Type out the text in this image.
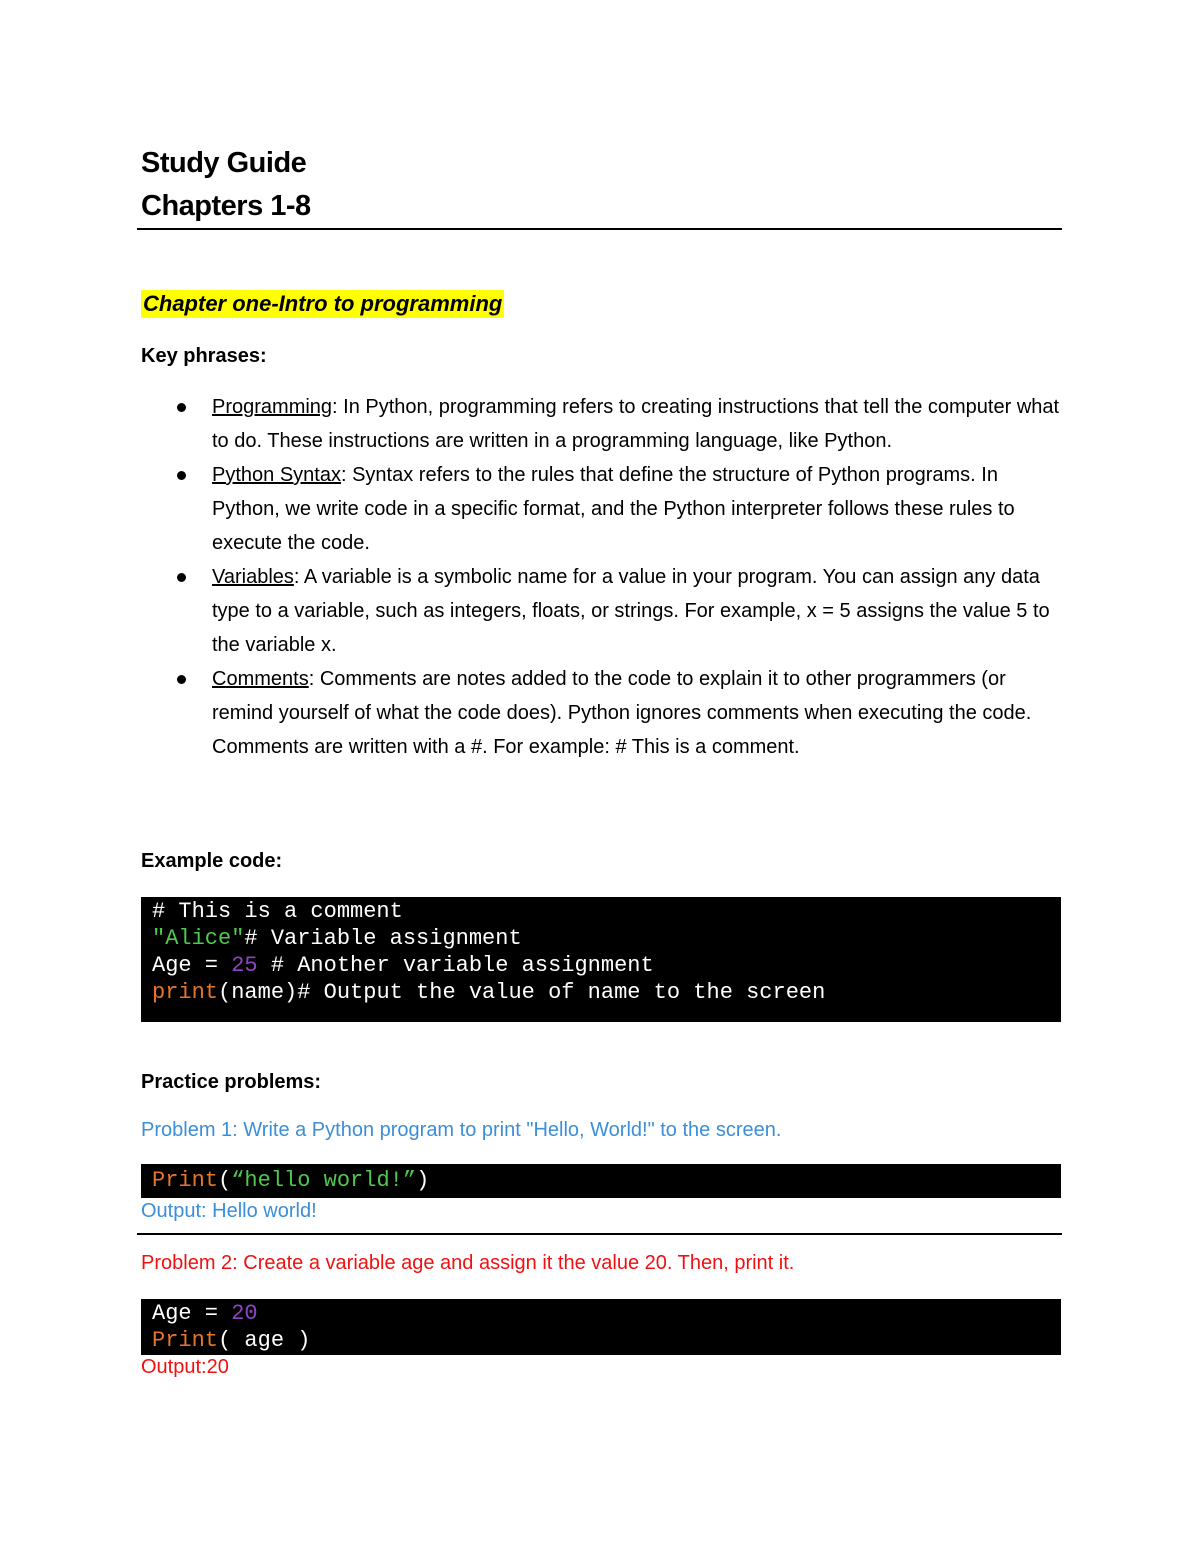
Study Guide
Chapters 1-8
Chapter one-Intro to programming
Key phrases:
Programming: In Python, programming refers to creating instructions that tell the computer what to do. These instructions are written in a programming language, like Python.
Python Syntax: Syntax refers to the rules that define the structure of Python programs. In Python, we write code in a specific format, and the Python interpreter follows these rules to execute the code.
Variables: A variable is a symbolic name for a value in your program. You can assign any data type to a variable, such as integers, floats, or strings. For example, x = 5 assigns the value 5 to the variable x.
Comments: Comments are notes added to the code to explain it to other programmers (or remind yourself of what the code does). Python ignores comments when executing the code. Comments are written with a #. For example: # This is a comment.
Example code:
# This is a comment
"Alice"# Variable assignment
Age = 25 # Another variable assignment
print(name)# Output the value of name to the screen
Practice problems:
Problem 1: Write a Python program to print "Hello, World!" to the screen.
Print(“hello world!”)
Output: Hello world!
Problem 2: Create a variable age and assign it the value 20. Then, print it.
Age = 20
Print( age )
Output:20
